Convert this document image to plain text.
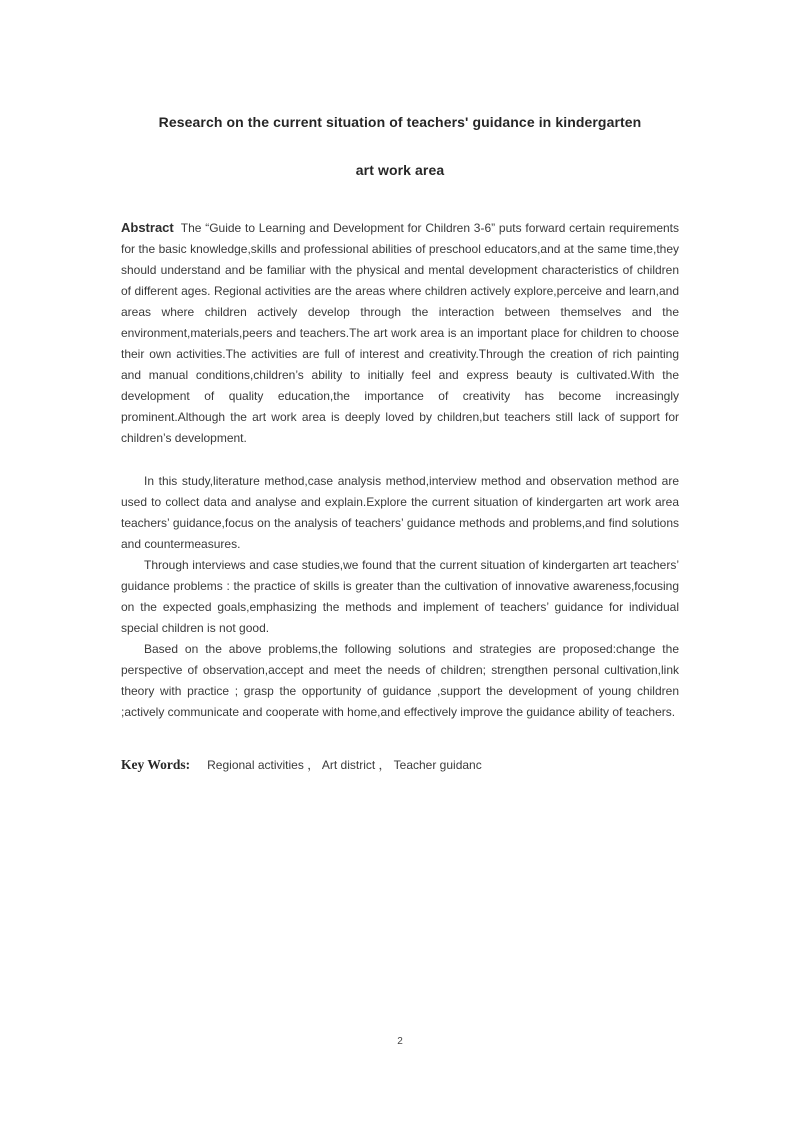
Research on the current situation of teachers' guidance in kindergarten
art work area

Abstract The “Guide to Learning and Development for Children 3-6” puts forward certain requirements for the basic knowledge,skills and professional abilities of preschool educators,and at the same time,they should understand and be familiar with the physical and mental development characteristics of children of different ages. Regional activities are the areas where children actively explore,perceive and learn,and areas where children actively develop through the interaction between themselves and the environment,materials,peers and teachers.The art work area is an important place for children to choose their own activities.The activities are full of interest and creativity.Through the creation of rich painting and manual conditions,children’s ability to initially feel and express beauty is cultivated.With the development of quality education,the importance of creativity has become increasingly prominent.Although the art work area is deeply loved by children,but teachers still lack of support for children’s development.

In this study,literature method,case analysis method,interview method and observation method are used to collect data and analyse and explain.Explore the current situation of kindergarten art work area teachers’ guidance,focus on the analysis of teachers’ guidance methods and problems,and find solutions and countermeasures.

Through interviews and case studies,we found that the current situation of kindergarten art teachers’ guidance problems : the practice of skills is greater than the cultivation of innovative awareness,focusing on the expected goals,emphasizing the methods and implement of teachers’ guidance for individual special children is not good.

Based on the above problems,the following solutions and strategies are proposed:change the perspective of observation,accept and meet the needs of children; strengthen personal cultivation,link theory with practice ; grasp the opportunity of guidance ,support the development of young children ;actively communicate and cooperate with home,and effectively improve the guidance ability of teachers.

Key Words: Regional activities ， Art district ， Teacher guidanc
2
